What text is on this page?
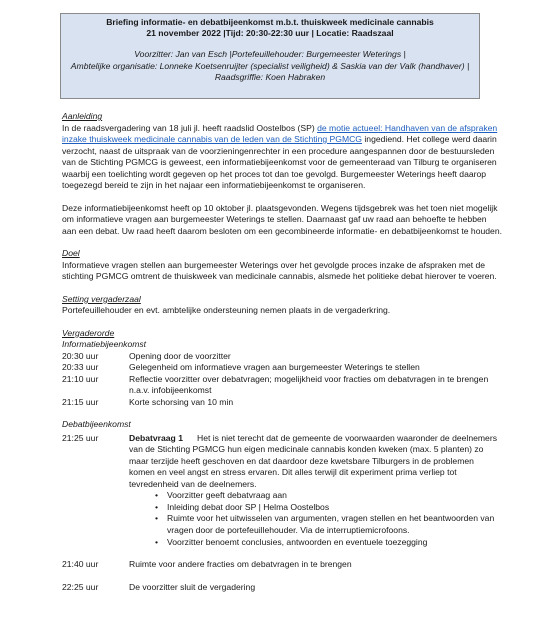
Briefing informatie- en debatbijeenkomst m.b.t. thuiskweek medicinale cannabis
21 november 2022 |Tijd: 20:30-22:30 uur | Locatie: Raadszaal
Voorzitter: Jan van Esch |Portefeuillehouder: Burgemeester Weterings |
Ambtelijke organisatie: Lonneke Koetsenruijter (specialist veiligheid) & Saskia van der Valk (handhaver) |
Raadsgriffie: Koen Habraken

Aanleiding

In de raadsvergadering van 18 juli jl. heeft raadslid Oostelbos (SP) de motie actueel: Handhaven van de afspraken inzake thuiskweek medicinale cannabis van de leden van de Stichting PGMCG ingediend. Het college werd daarin verzocht, naast de uitspraak van de voorzieningenrechter in een procedure aangespannen door de bestuursleden van de Stichting PGMCG is geweest, een informatiebijeenkomst voor de gemeenteraad van Tilburg te organiseren waarbij een toelichting wordt gegeven op het proces tot dan toe gevolgd. Burgemeester Weterings heeft daarop toegezegd bereid te zijn in het najaar een informatiebijeenkomst te organiseren.

Deze informatiebijeenkomst heeft op 10 oktober jl. plaatsgevonden. Wegens tijdsgebrek was het toen niet mogelijk om informatieve vragen aan burgemeester Weterings te stellen. Daarnaast gaf uw raad aan behoefte te hebben aan een debat. Uw raad heeft daarom besloten om een gecombineerde informatie- en debatbijeenkomst te houden.

Doel

Informatieve vragen stellen aan burgemeester Weterings over het gevolgde proces inzake de afspraken met de stichting PGMCG omtrent de thuiskweek van medicinale cannabis, alsmede het politieke debat hierover te voeren.

Setting vergaderzaal

Portefeuillehouder en evt. ambtelijke ondersteuning nemen plaats in de vergaderkring.

Vergaderorde

Informatiebijeenkomst

20:30 uur	Opening door de voorzitter
20:33 uur	Gelegenheid om informatieve vragen aan burgemeester Weterings te stellen
21:10 uur	Reflectie voorzitter over debatvragen; mogelijkheid voor fracties om debatvragen in te brengen n.a.v. infobijeenkomst
21:15 uur	Korte schorsing van 10 min

Debatbijeenkomst

21:25 uur	Debatvraag 1 Het is niet terecht dat de gemeente de voorwaarden waaronder de deelnemers van de Stichting PGMCG hun eigen medicinale cannabis konden kweken (max. 5 planten) zo maar terzijde heeft geschoven en dat daardoor deze kwetsbare Tilburgers in de problemen komen en veel angst en stress ervaren. Dit alles terwijl dit experiment prima verliep tot tevredenheid van de deelnemers.

• Voorzitter geeft debatvraag aan
• Inleiding debat door SP | Helma Oostelbos
• Ruimte voor het uitwisselen van argumenten, vragen stellen en het beantwoorden van vragen door de portefeuillehouder. Via de interruptiemicrofoons.
• Voorzitter benoemt conclusies, antwoorden en eventuele toezegging
21:40 uur	Ruimte voor andere fracties om debatvragen in te brengen
22:25 uur	De voorzitter sluit de vergadering
